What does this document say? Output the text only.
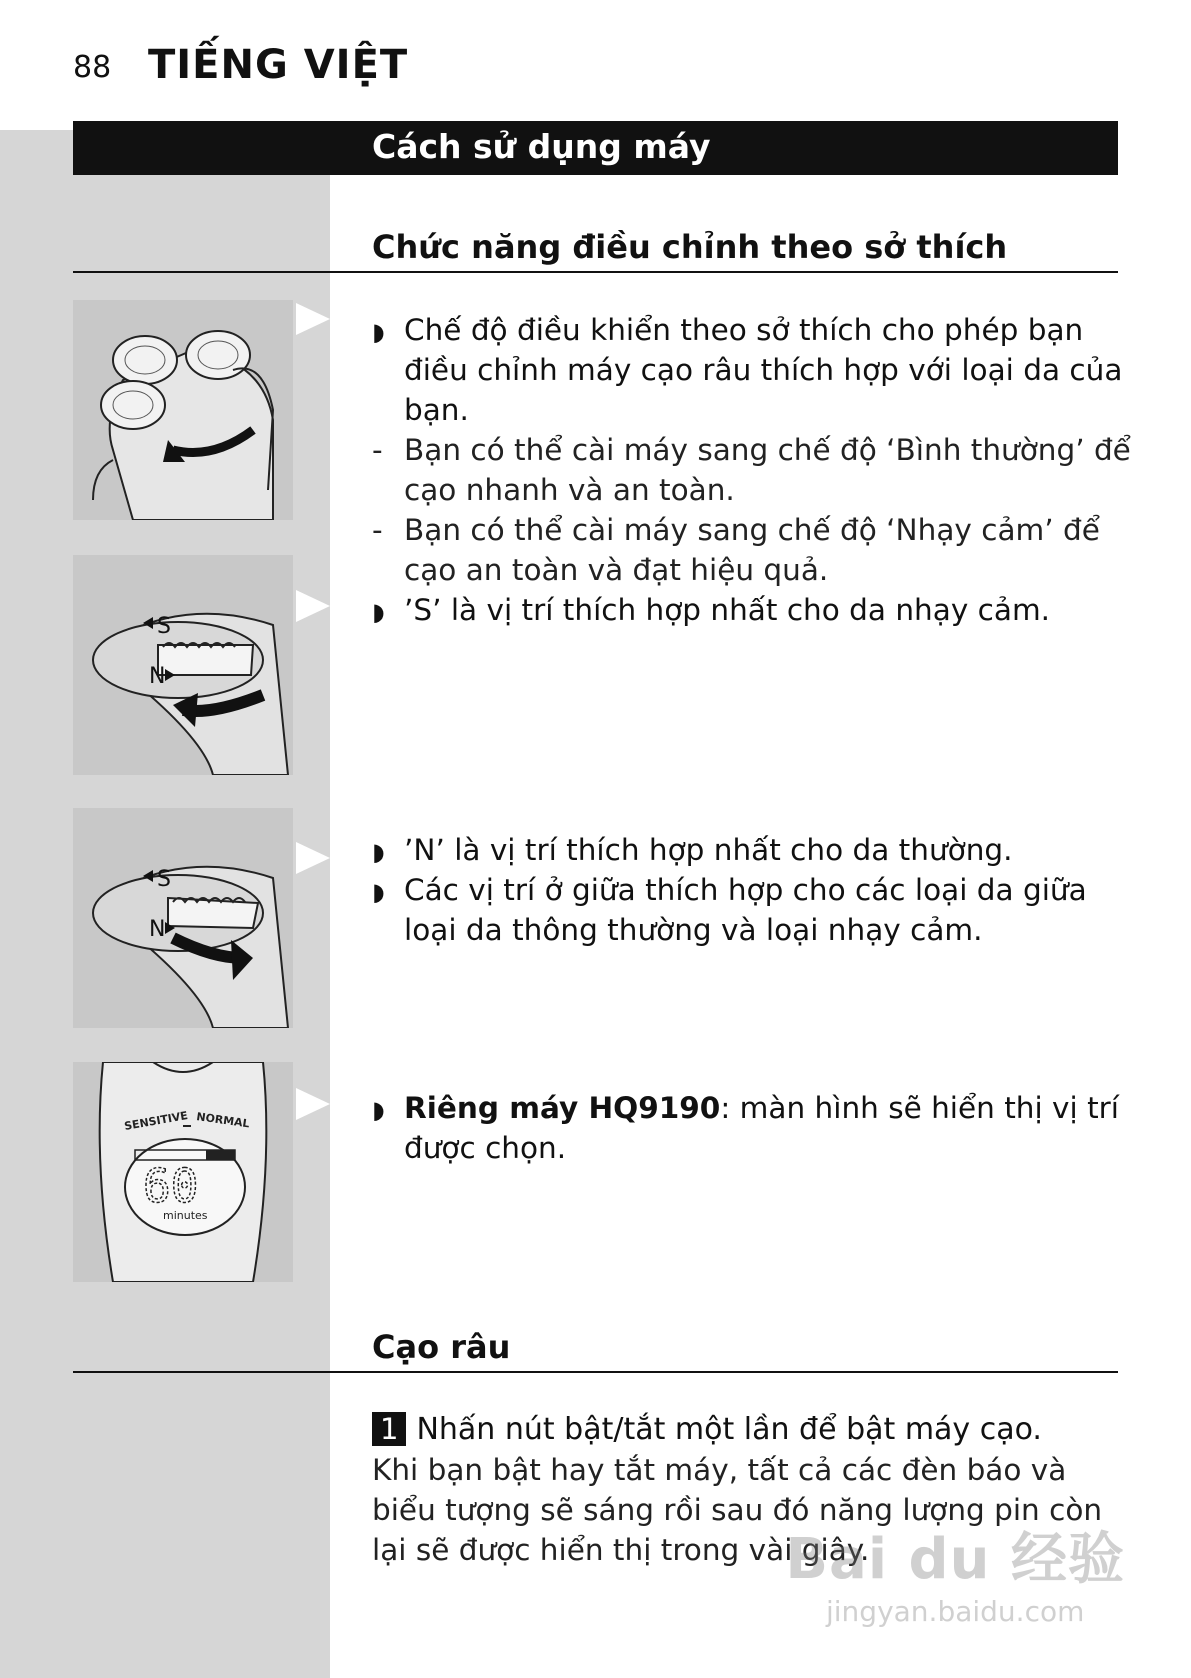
88 TIẾNG VIỆT
Cách sử dụng máy
Chức năng điều chỉnh theo sở thích
S
N
S
N
SENSITIVE NORMAL
60
minutes

◗ Chế độ điều khiển theo sở thích cho phép bạn điều chỉnh máy cạo râu thích hợp với loại da của bạn.

- Bạn có thể cài máy sang chế độ ‘Bình thường’ để cạo nhanh và an toàn.

- Bạn có thể cài máy sang chế độ ‘Nhạy cảm’ để cạo an toàn và đạt hiệu quả.

◗ ’S’ là vị trí thích hợp nhất cho da nhạy cảm.

◗ ’N’ là vị trí thích hợp nhất cho da thường.

◗ Các vị trí ở giữa thích hợp cho các loại da giữa loại da thông thường và loại nhạy cảm.

◗ Riêng máy HQ9190: màn hình sẽ hiển thị vị trí được chọn.

Cạo râu
1 Nhấn nút bật/tắt một lần để bật máy cạo.
Khi bạn bật hay tắt máy, tất cả các đèn báo và biểu tượng sẽ sáng rồi sau đó năng lượng pin còn lại sẽ được hiển thị trong vài giây.
Bai du 经验
jingyan.baidu.com
